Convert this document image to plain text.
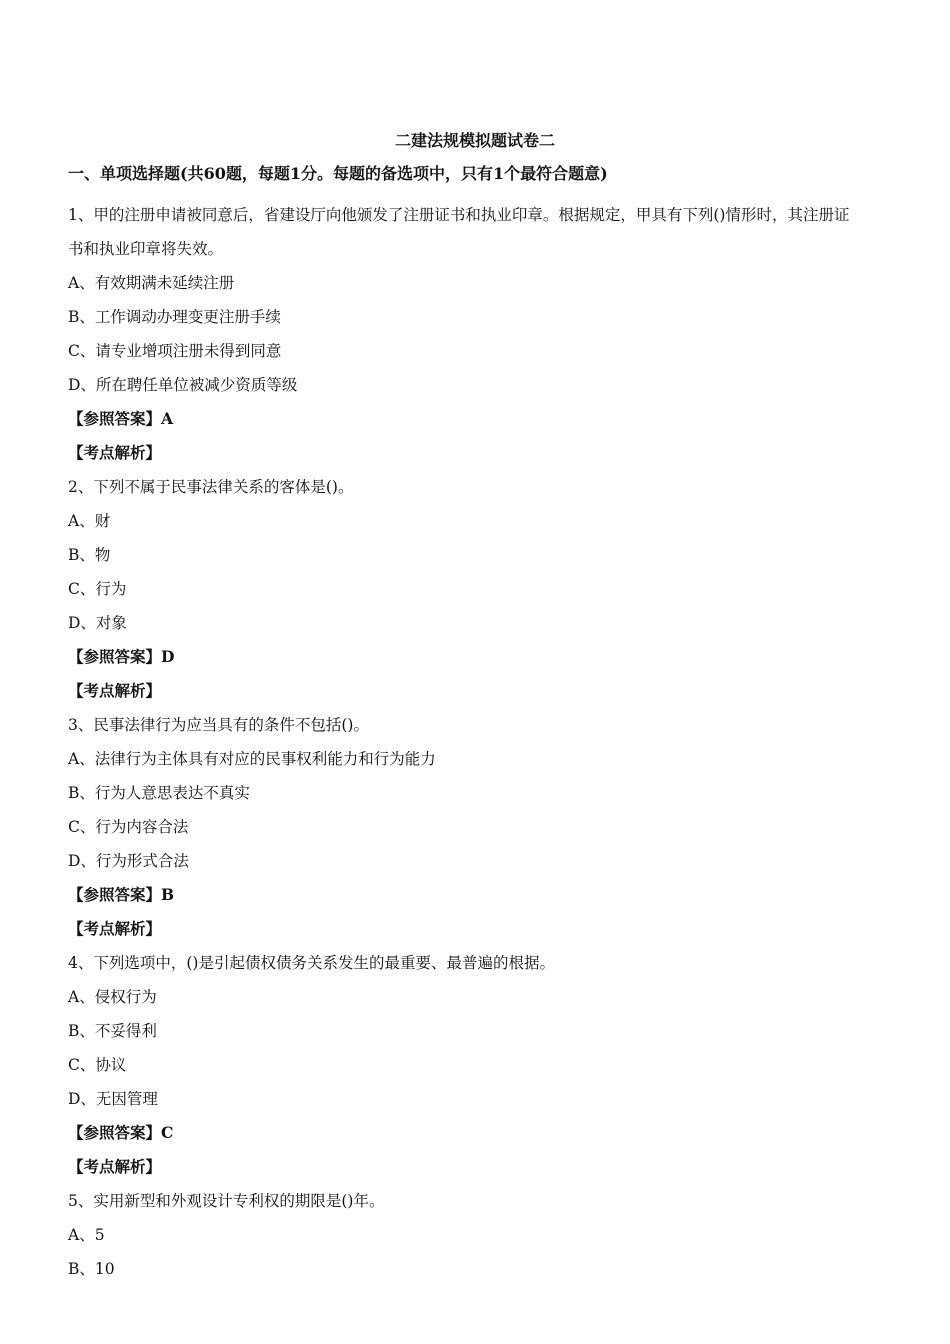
二建法规模拟题试卷二
一、单项选择题(共60题，每题1分。每题的备选项中，只有1个最符合题意)
1、甲的注册申请被同意后，省建设厅向他颁发了注册证书和执业印章。根据规定，甲具有下列()情形时，其注册证书和执业印章将失效。
A、有效期满未延续注册
B、工作调动办理变更注册手续
C、请专业增项注册未得到同意
D、所在聘任单位被减少资质等级
【参照答案】A
【考点解析】
2、下列不属于民事法律关系的客体是()。
A、财
B、物
C、行为
D、对象
【参照答案】D
【考点解析】
3、民事法律行为应当具有的条件不包括()。
A、法律行为主体具有对应的民事权利能力和行为能力
B、行为人意思表达不真实
C、行为内容合法
D、行为形式合法
【参照答案】B
【考点解析】
4、下列选项中，()是引起债权债务关系发生的最重要、最普遍的根据。
A、侵权行为
B、不妥得利
C、协议
D、无因管理
【参照答案】C
【考点解析】
5、实用新型和外观设计专利权的期限是()年。
A、5
B、10
